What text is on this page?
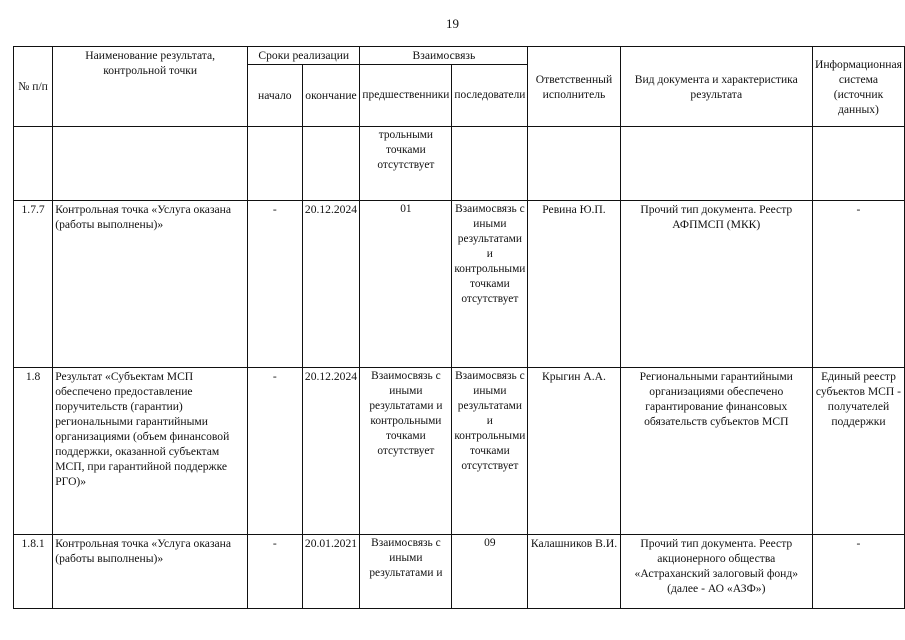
19
№ п/п	Наименование результата, контрольной точки	Сроки реализации		Взаимосвязь		Ответственный исполнитель	Вид документа и характеристика результата	Информационная система (источник данных)
		начало	окончание	предшественники	последователи			
				трольными точками отсутствует				
1.7.7	Контрольная точка «Услуга оказана (работы выполнены)»	-	20.12.2024	01	Взаимосвязь с иными результатами и контрольными точками отсутствует	Ревина Ю.П.	Прочий тип документа. Реестр АФПМСП (МКК)	-
1.8	Результат «Субъектам МСП обеспечено предоставление поручительств (гарантии) региональными гарантийными организациями (объем финансовой поддержки, оказанной субъектам МСП, при гарантийной поддержке РГО)»	-	20.12.2024	Взаимосвязь с иными результатами и контрольными точками отсутствует	Взаимосвязь с иными результатами и контрольными точками отсутствует	Крыгин А.А.	Региональными гарантийными организациями обеспечено гарантирование финансовых обязательств субъектов МСП	Единый реестр субъектов МСП - получателей поддержки
1.8.1	Контрольная точка «Услуга оказана (работы выполнены)»	-	20.01.2021	Взаимосвязь с иными результатами и	09	Калашников В.И.	Прочий тип документа. Реестр акционерного общества «Астраханский залоговый фонд» (далее - АО «АЗФ»)	-
